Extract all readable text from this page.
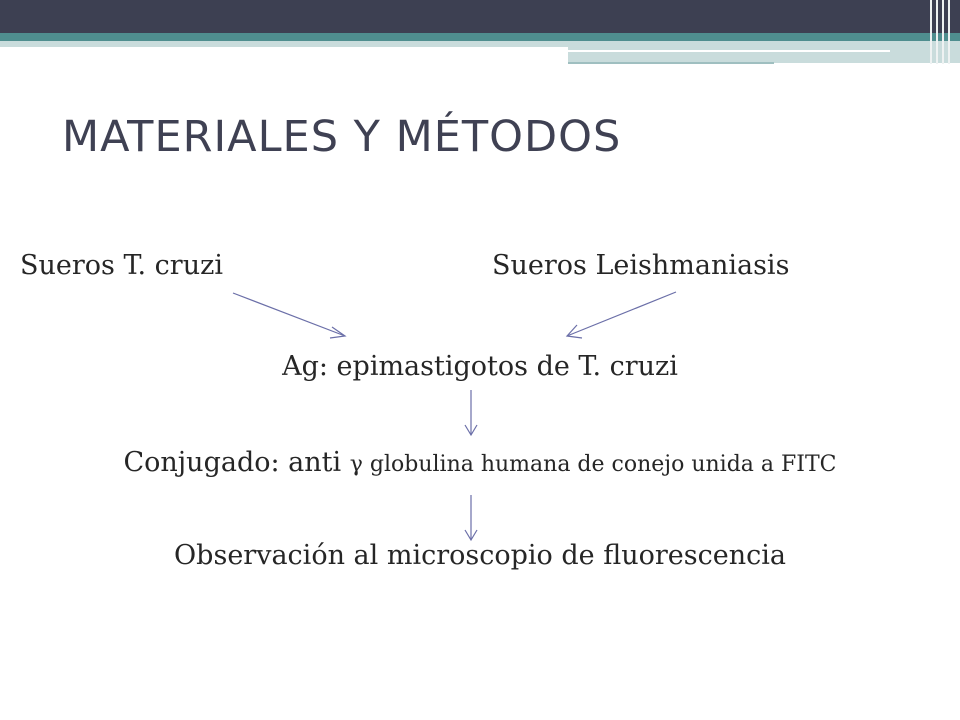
MATERIALES Y MÉTODOS
Sueros T. cruzi	Sueros Leishmaniasis
Ag: epimastigotos de T. cruzi
Conjugado: anti γ globulina humana de conejo unida a FITC
Observación al microscopio de fluorescencia
